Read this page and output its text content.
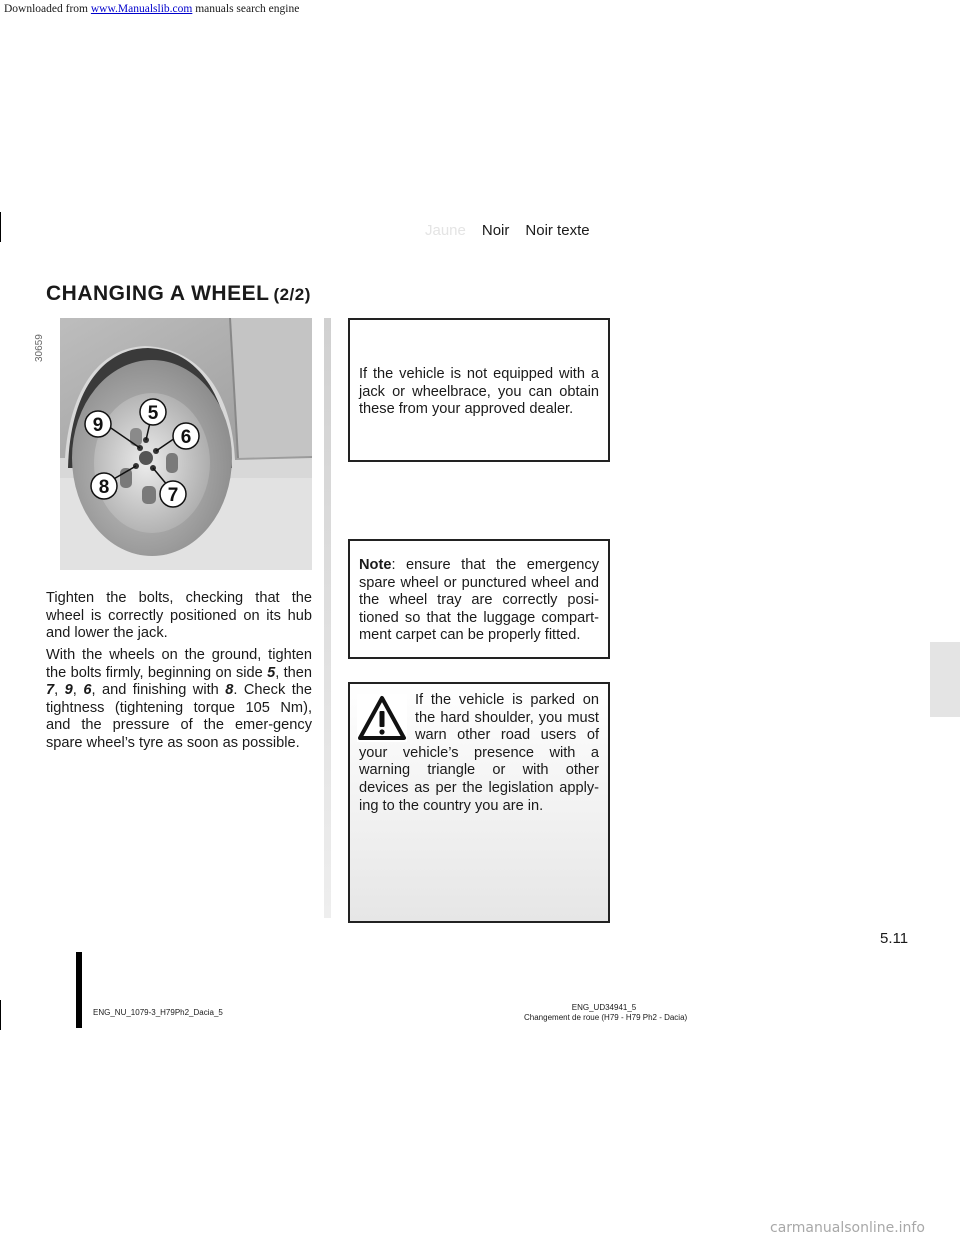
Downloaded from www.Manualslib.com manuals search engine
Jaune Noir Noir texte
CHANGING A WHEEL (2/2)
30659
9
5
6
7
8
Tighten the bolts, checking that the wheel is correctly positioned on its hub and lower the jack.
With the wheels on the ground, tighten the bolts firmly, beginning on side 5, then 7, 9, 6, and finishing with 8. Check the tightness (tightening torque 105 Nm), and the pressure of the emer-gency spare wheel’s tyre as soon as possible.
If the vehicle is not equipped with a jack or wheelbrace, you can obtain these from your approved dealer.
Note: ensure that the emergency spare wheel or punctured wheel and the wheel tray are correctly posi-tioned so that the luggage compart-ment carpet can be properly fitted.
If the vehicle is parked on the hard shoulder, you must warn other road users of your vehicle’s presence with a warning triangle or with other devices as per the legislation apply-ing to the country you are in.
5.11
ENG_NU_1079-3_H79Ph2_Dacia_5
ENG_UD34941_5
Changement de roue (H79 - H79 Ph2 - Dacia)
carmanualsonline.info
